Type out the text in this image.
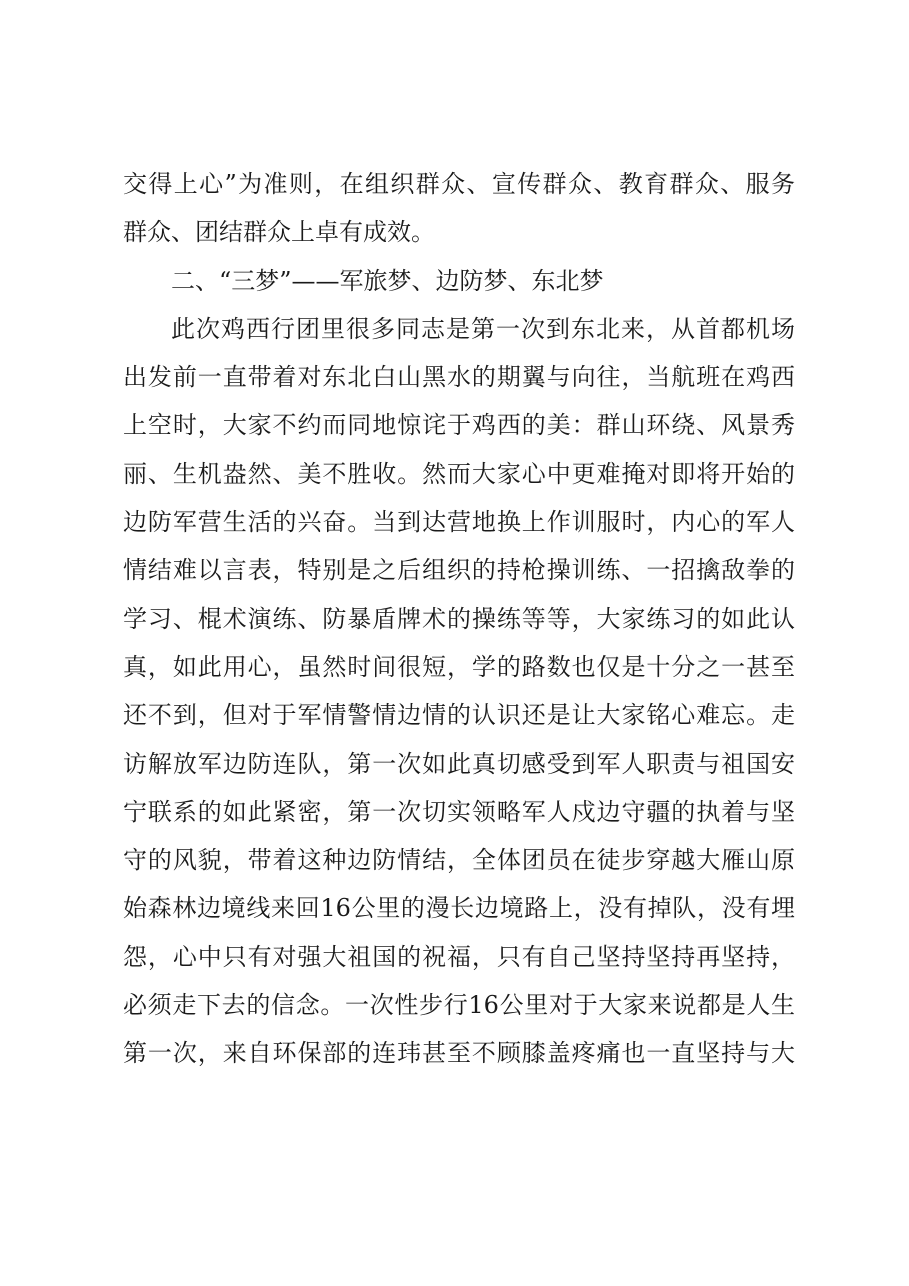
交得上心”为准则，在组织群众、宣传群众、教育群众、服务
群众、团结群众上卓有成效。
二、“三梦”——军旅梦、边防梦、东北梦
此次鸡西行团里很多同志是第一次到东北来，从首都机场
出发前一直带着对东北白山黑水的期翼与向往，当航班在鸡西
上空时，大家不约而同地惊诧于鸡西的美：群山环绕、风景秀
丽、生机盎然、美不胜收。然而大家心中更难掩对即将开始的
边防军营生活的兴奋。当到达营地换上作训服时，内心的军人
情结难以言表，特别是之后组织的持枪操训练、一招擒敌拳的
学习、棍术演练、防暴盾牌术的操练等等，大家练习的如此认
真，如此用心，虽然时间很短，学的路数也仅是十分之一甚至
还不到，但对于军情警情边情的认识还是让大家铭心难忘。走
访解放军边防连队，第一次如此真切感受到军人职责与祖国安
宁联系的如此紧密，第一次切实领略军人戍边守疆的执着与坚
守的风貌，带着这种边防情结，全体团员在徒步穿越大雁山原
始森林边境线来回16公里的漫长边境路上，没有掉队，没有埋
怨，心中只有对强大祖国的祝福，只有自己坚持坚持再坚持，
必须走下去的信念。一次性步行16公里对于大家来说都是人生
第一次，来自环保部的连玮甚至不顾膝盖疼痛也一直坚持与大
